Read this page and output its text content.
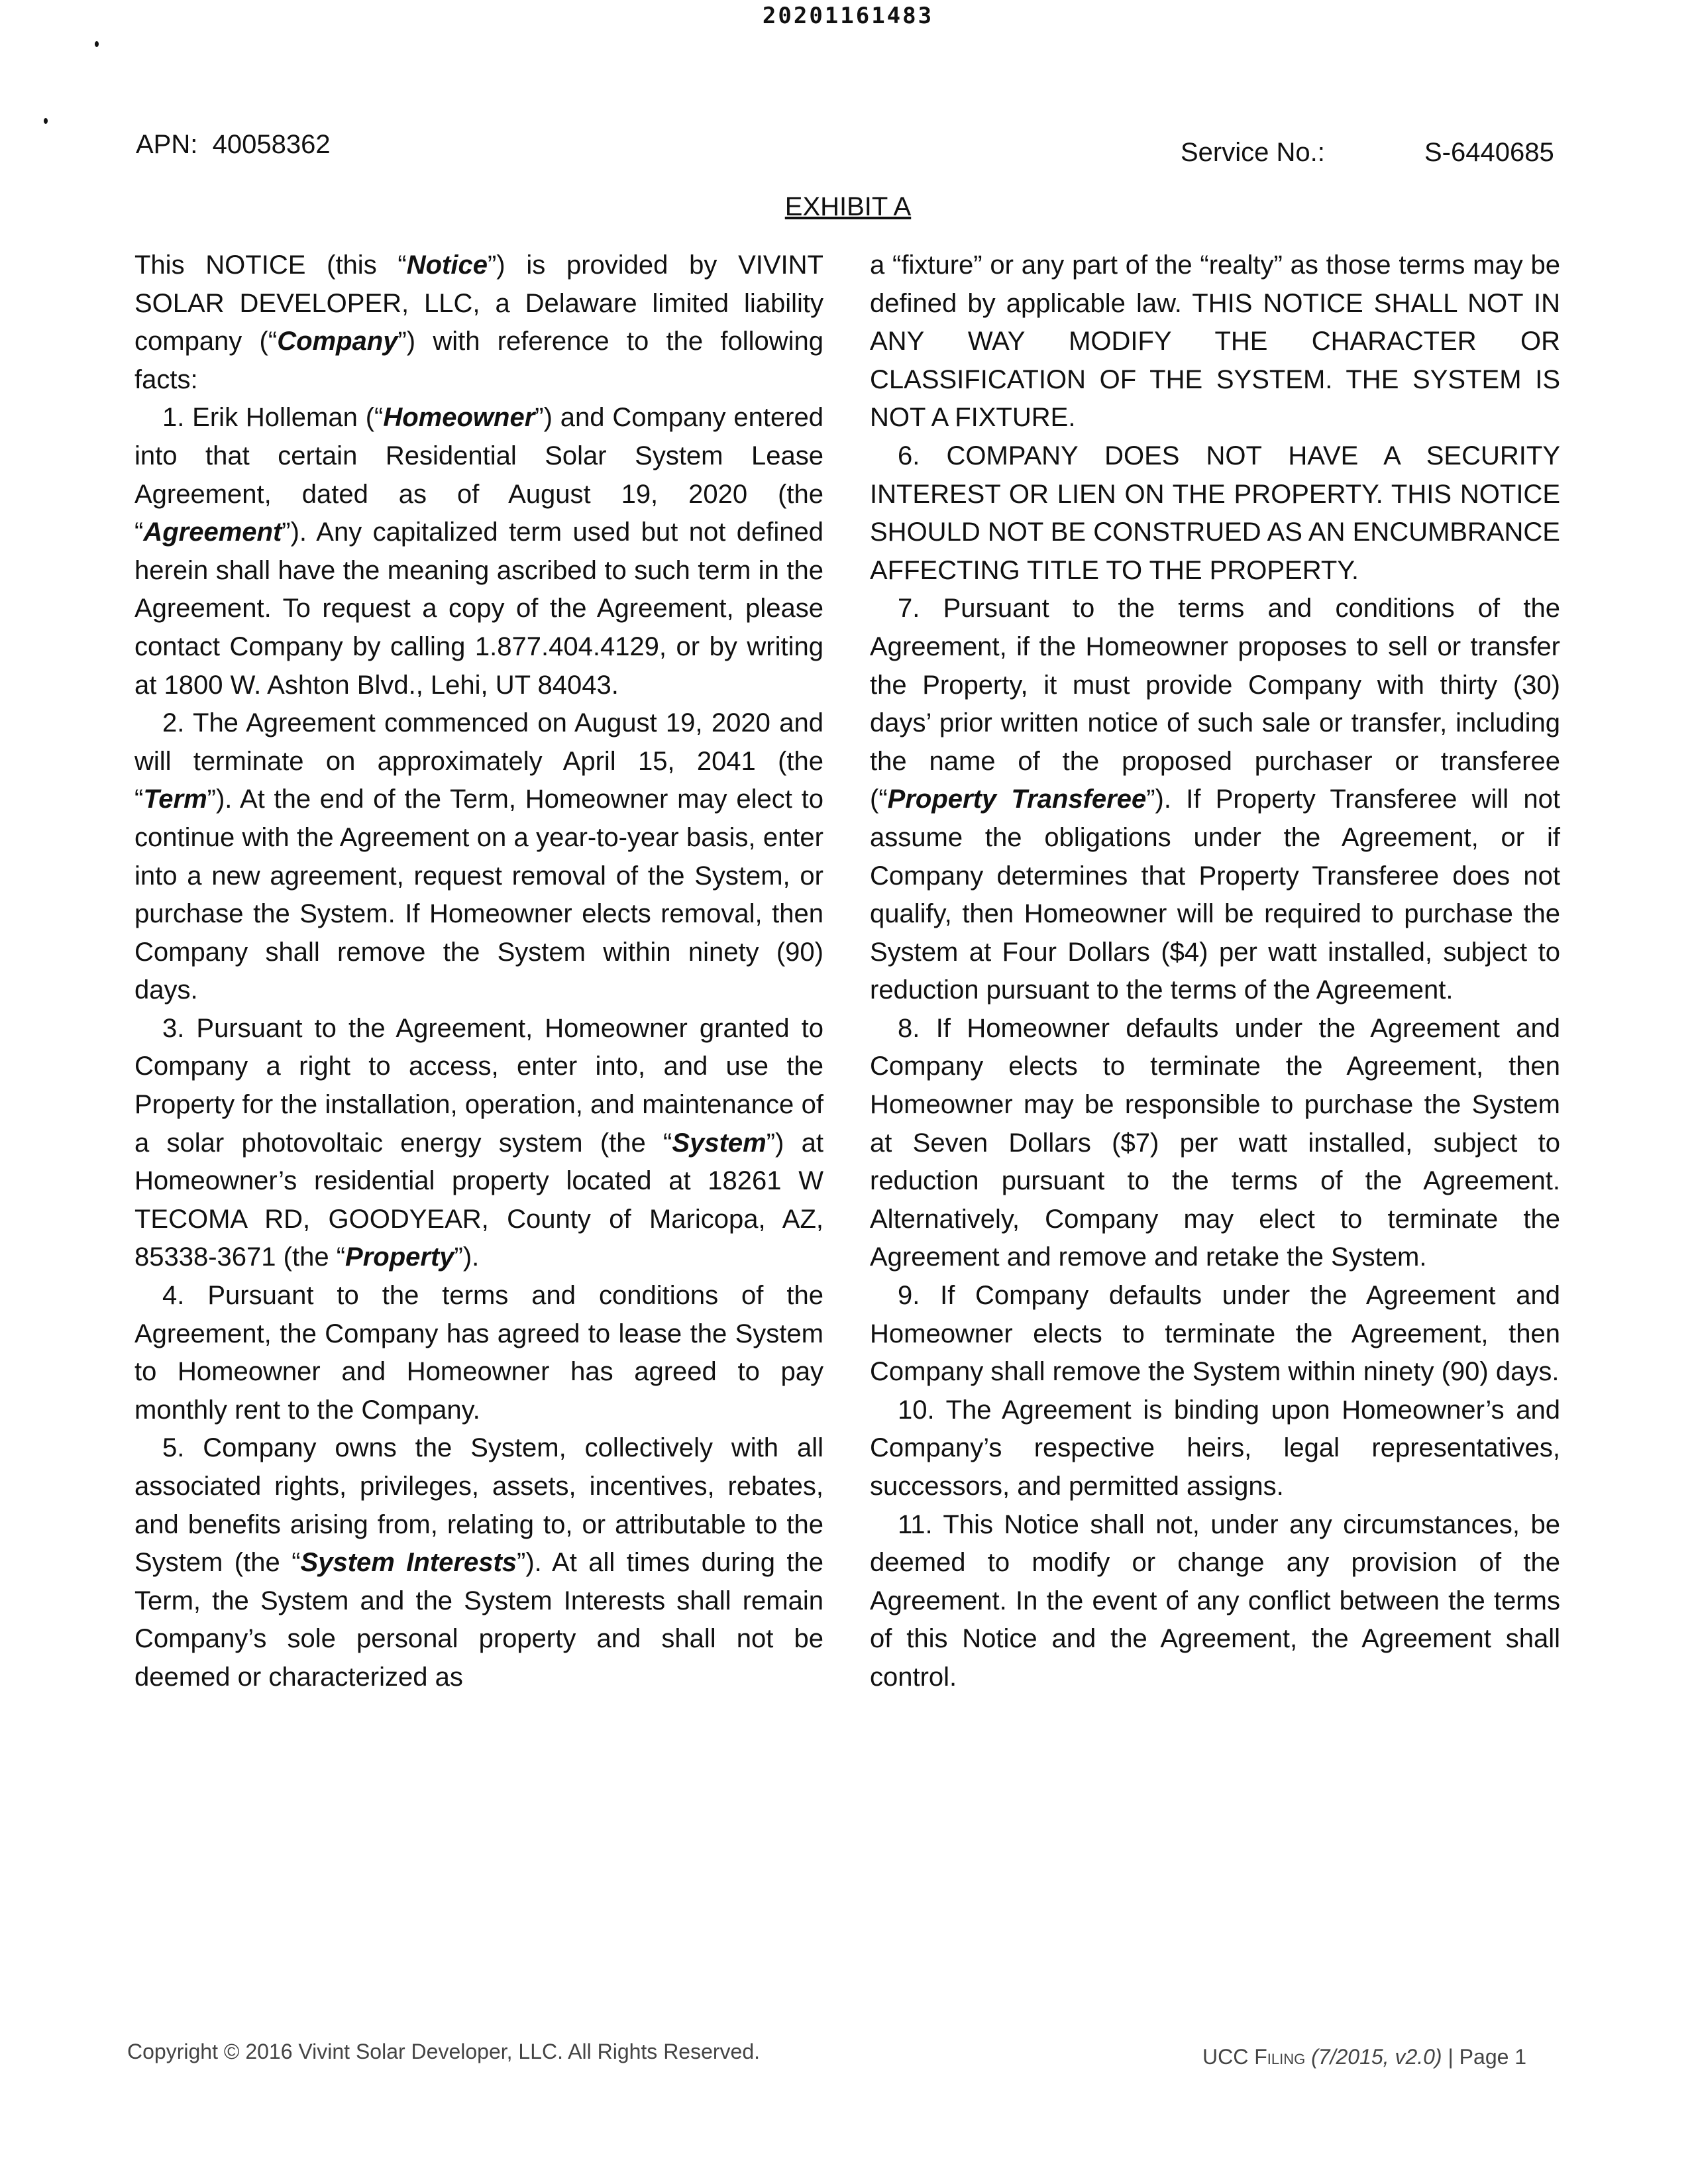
20201161483
APN: 40058362	Service No.:	S-6440685
EXHIBIT A

This NOTICE (this “Notice”) is provided by VIVINT SOLAR DEVELOPER, LLC, a Delaware limited liability company (“Company”) with reference to the following facts:

1. Erik Holleman (“Homeowner”) and Company entered into that certain Residential Solar System Lease Agreement, dated as of August 19, 2020 (the “Agreement”). Any capitalized term used but not defined herein shall have the meaning ascribed to such term in the Agreement. To request a copy of the Agreement, please contact Company by calling 1.877.404.4129, or by writing at 1800 W. Ashton Blvd., Lehi, UT 84043.

2. The Agreement commenced on August 19, 2020 and will terminate on approximately April 15, 2041 (the “Term”). At the end of the Term, Homeowner may elect to continue with the Agreement on a year-to-year basis, enter into a new agreement, request removal of the System, or purchase the System. If Homeowner elects removal, then Company shall remove the System within ninety (90) days.

3. Pursuant to the Agreement, Homeowner granted to Company a right to access, enter into, and use the Property for the installation, operation, and maintenance of a solar photovoltaic energy system (the “System”) at Homeowner’s residential property located at 18261 W TECOMA RD, GOODYEAR, County of Maricopa, AZ, 85338-3671 (the “Property”).

4. Pursuant to the terms and conditions of the Agreement, the Company has agreed to lease the System to Homeowner and Homeowner has agreed to pay monthly rent to the Company.

5. Company owns the System, collectively with all associated rights, privileges, assets, incentives, rebates, and benefits arising from, relating to, or attributable to the System (the “System Interests”). At all times during the Term, the System and the System Interests shall remain Company’s sole personal property and shall not be deemed or characterized as

a “fixture” or any part of the “realty” as those terms may be defined by applicable law. THIS NOTICE SHALL NOT IN ANY WAY MODIFY THE CHARACTER OR CLASSIFICATION OF THE SYSTEM. THE SYSTEM IS NOT A FIXTURE.

6. COMPANY DOES NOT HAVE A SECURITY INTEREST OR LIEN ON THE PROPERTY. THIS NOTICE SHOULD NOT BE CONSTRUED AS AN ENCUMBRANCE AFFECTING TITLE TO THE PROPERTY.

7. Pursuant to the terms and conditions of the Agreement, if the Homeowner proposes to sell or transfer the Property, it must provide Company with thirty (30) days’ prior written notice of such sale or transfer, including the name of the proposed purchaser or transferee (“Property Transferee”). If Property Transferee will not assume the obligations under the Agreement, or if Company determines that Property Transferee does not qualify, then Homeowner will be required to purchase the System at Four Dollars ($4) per watt installed, subject to reduction pursuant to the terms of the Agreement.

8. If Homeowner defaults under the Agreement and Company elects to terminate the Agreement, then Homeowner may be responsible to purchase the System at Seven Dollars ($7) per watt installed, subject to reduction pursuant to the terms of the Agreement. Alternatively, Company may elect to terminate the Agreement and remove and retake the System.

9. If Company defaults under the Agreement and Homeowner elects to terminate the Agreement, then Company shall remove the System within ninety (90) days.

10. The Agreement is binding upon Homeowner’s and Company’s respective heirs, legal representatives, successors, and permitted assigns.

11. This Notice shall not, under any circumstances, be deemed to modify or change any provision of the Agreement. In the event of any conflict between the terms of this Notice and the Agreement, the Agreement shall control.

Copyright © 2016 Vivint Solar Developer, LLC. All Rights Reserved.	UCC Filing (7/2015, v2.0) | Page 1
